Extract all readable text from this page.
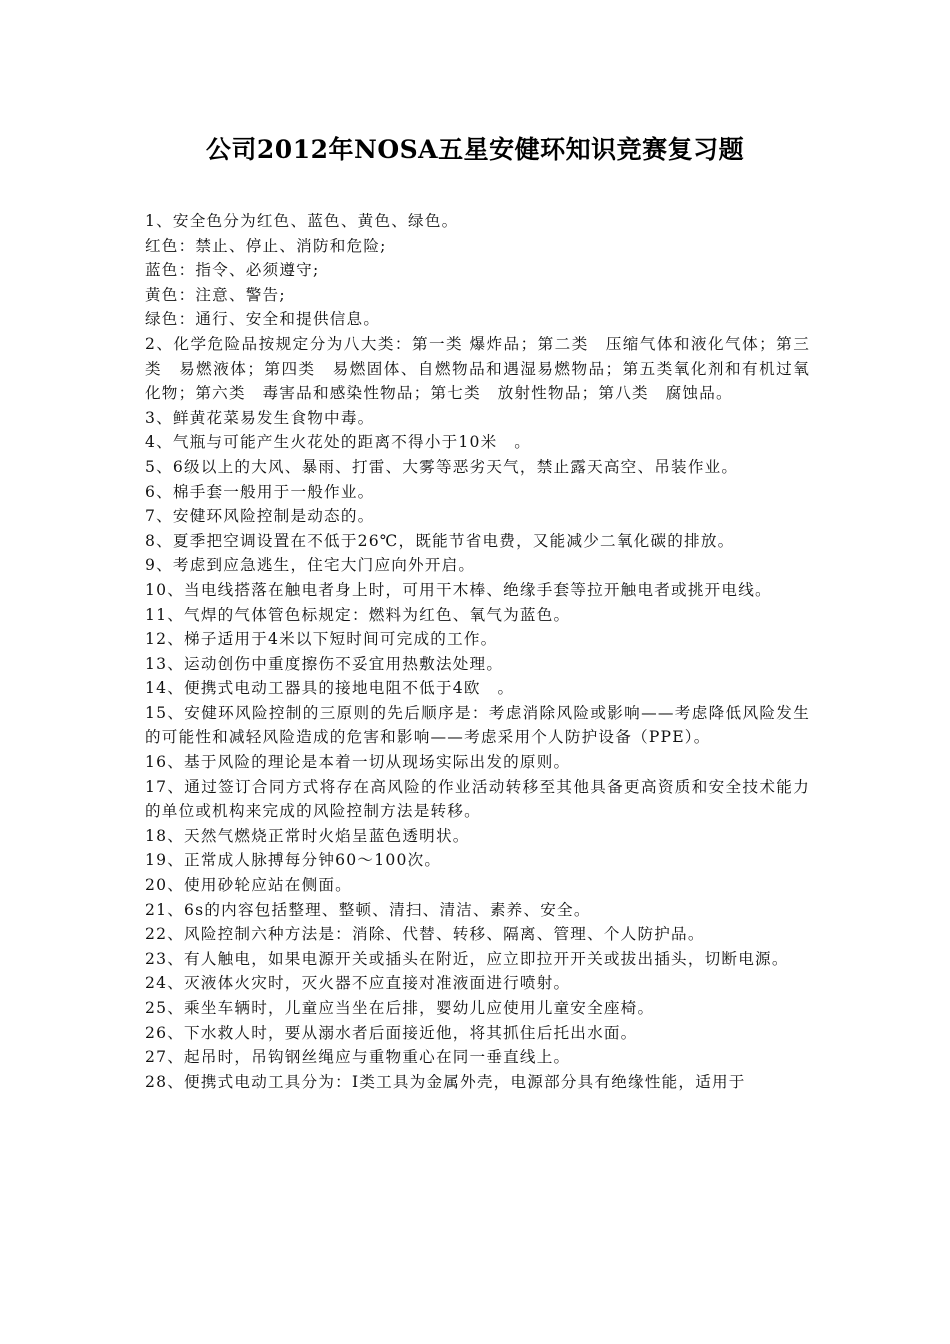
公司2012年NOSA五星安健环知识竞赛复习题

1、安全色分为红色、蓝色、黄色、绿色。

红色：禁止、停止、消防和危险;

蓝色：指令、必须遵守;

黄色：注意、警告;

绿色：通行、安全和提供信息。

2、化学危险品按规定分为八大类：第一类 爆炸品；第二类　压缩气体和液化气体；第三类　易燃液体；第四类　易燃固体、自燃物品和遇湿易燃物品；第五类氧化剂和有机过氧化物；第六类　毒害品和感染性物品；第七类　放射性物品；第八类　腐蚀品。

3、鲜黄花菜易发生食物中毒。

4、气瓶与可能产生火花处的距离不得小于10米　。

5、6级以上的大风、暴雨、打雷、大雾等恶劣天气，禁止露天高空、吊装作业。

6、棉手套一般用于一般作业。

7、安健环风险控制是动态的。

8、夏季把空调设置在不低于26℃，既能节省电费，又能减少二氧化碳的排放。

9、考虑到应急逃生，住宅大门应向外开启。

10、当电线搭落在触电者身上时，可用干木棒、绝缘手套等拉开触电者或挑开电线。

11、气焊的气体管色标规定：燃料为红色、氧气为蓝色。

12、梯子适用于4米以下短时间可完成的工作。

13、运动创伤中重度擦伤不妥宜用热敷法处理。

14、便携式电动工器具的接地电阻不低于4欧　。

15、安健环风险控制的三原则的先后顺序是：考虑消除风险或影响——考虑降低风险发生的可能性和减轻风险造成的危害和影响——考虑采用个人防护设备（PPE）。

16、基于风险的理论是本着一切从现场实际出发的原则。

17、通过签订合同方式将存在高风险的作业活动转移至其他具备更高资质和安全技术能力的单位或机构来完成的风险控制方法是转移。

18、天然气燃烧正常时火焰呈蓝色透明状。

19、正常成人脉搏每分钟60～100次。

20、使用砂轮应站在侧面。

21、6s的内容包括整理、整顿、清扫、清洁、素养、安全。

22、风险控制六种方法是：消除、代替、转移、隔离、管理、个人防护品。

23、有人触电，如果电源开关或插头在附近，应立即拉开开关或拔出插头，切断电源。

24、灭液体火灾时，灭火器不应直接对准液面进行喷射。

25、乘坐车辆时，儿童应当坐在后排，婴幼儿应使用儿童安全座椅。

26、下水救人时，要从溺水者后面接近他，将其抓住后托出水面。

27、起吊时，吊钩钢丝绳应与重物重心在同一垂直线上。

28、便携式电动工具分为：I类工具为金属外壳，电源部分具有绝缘性能，适用于
